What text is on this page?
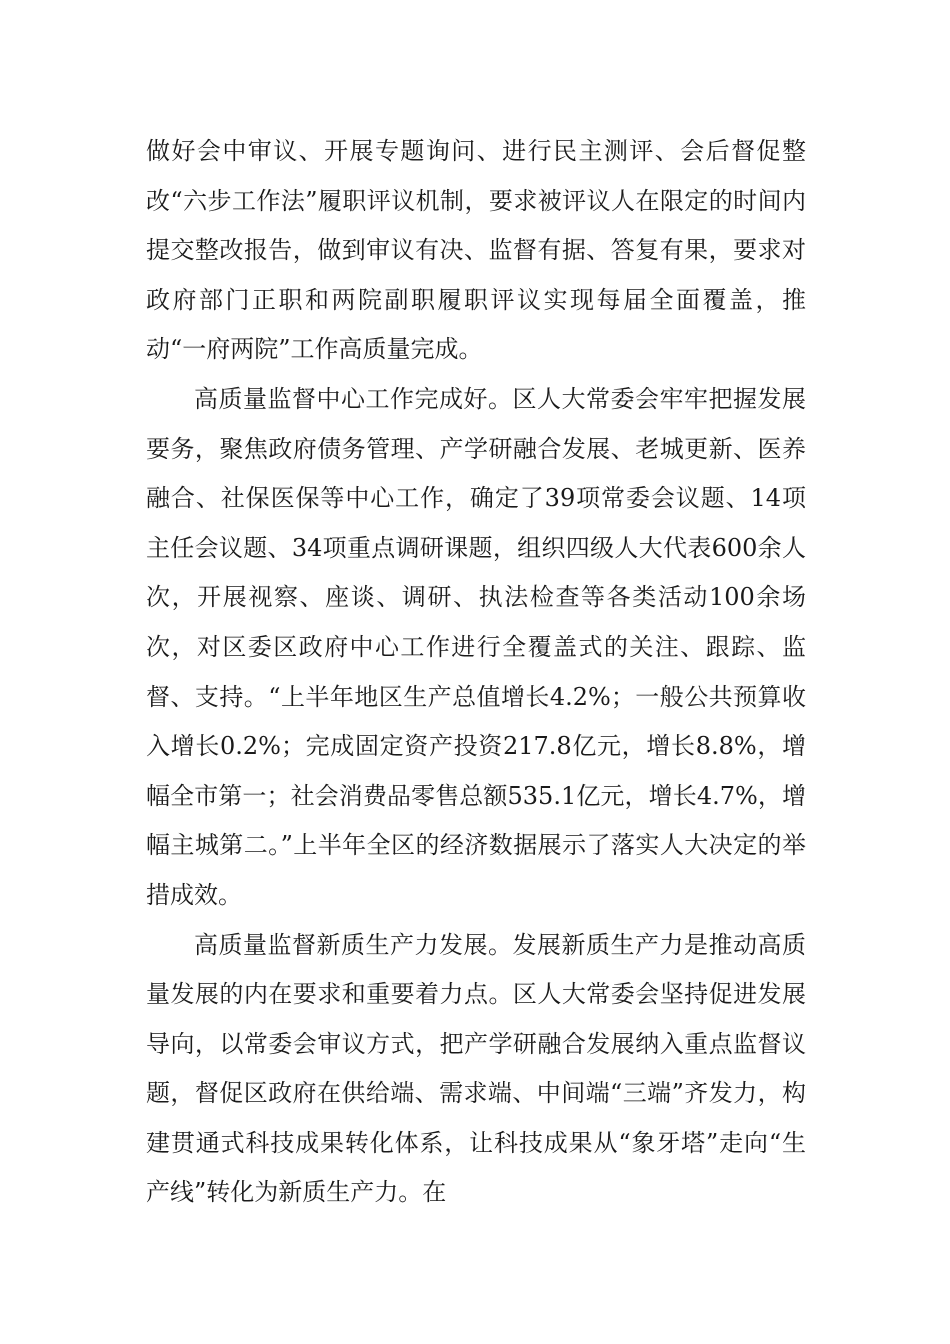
做好会中审议、开展专题询问、进行民主测评、会后督促整改“六步工作法”履职评议机制，要求被评议人在限定的时间内提交整改报告，做到审议有决、监督有据、答复有果，要求对政府部门正职和两院副职履职评议实现每届全面覆盖，推动“一府两院”工作高质量完成。

高质量监督中心工作完成好。区人大常委会牢牢把握发展要务，聚焦政府债务管理、产学研融合发展、老城更新、医养融合、社保医保等中心工作，确定了39项常委会议题、14项主任会议题、34项重点调研课题，组织四级人大代表600余人次，开展视察、座谈、调研、执法检查等各类活动100余场次，对区委区政府中心工作进行全覆盖式的关注、跟踪、监督、支持。“上半年地区生产总值增长4.2%；一般公共预算收入增长0.2%；完成固定资产投资217.8亿元，增长8.8%，增幅全市第一；社会消费品零售总额535.1亿元，增长4.7%，增幅主城第二。”上半年全区的经济数据展示了落实人大决定的举措成效。

高质量监督新质生产力发展。发展新质生产力是推动高质量发展的内在要求和重要着力点。区人大常委会坚持促进发展导向，以常委会审议方式，把产学研融合发展纳入重点监督议题，督促区政府在供给端、需求端、中间端“三端”齐发力，构建贯通式科技成果转化体系，让科技成果从“象牙塔”走向“生产线”转化为新质生产力。在
